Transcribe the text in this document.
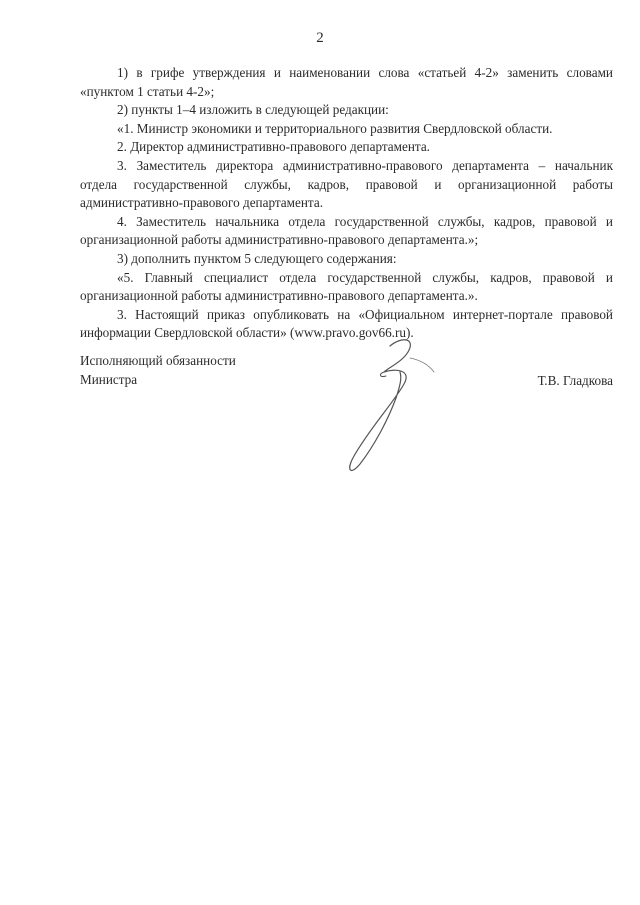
2

1) в грифе утверждения и наименовании слова «статьей 4-2» заменить словами «пунктом 1 статьи 4-2»;

2) пункты 1–4 изложить в следующей редакции:

«1. Министр экономики и территориального развития Свердловской области.

2. Директор административно-правового департамента.

3. Заместитель директора административно-правового департамента – начальник отдела государственной службы, кадров, правовой и организационной работы административно-правового департамента.

4. Заместитель начальника отдела государственной службы, кадров, правовой и организационной работы административно-правового департамента.»;

3) дополнить пунктом 5 следующего содержания:

«5. Главный специалист отдела государственной службы, кадров, правовой и организационной работы административно-правового департамента.».

3. Настоящий приказ опубликовать на «Официальном интернет-портале правовой информации Свердловской области» (www.pravo.gov66.ru).

Исполняющий обязанности
Министра	Т.В. Гладкова
